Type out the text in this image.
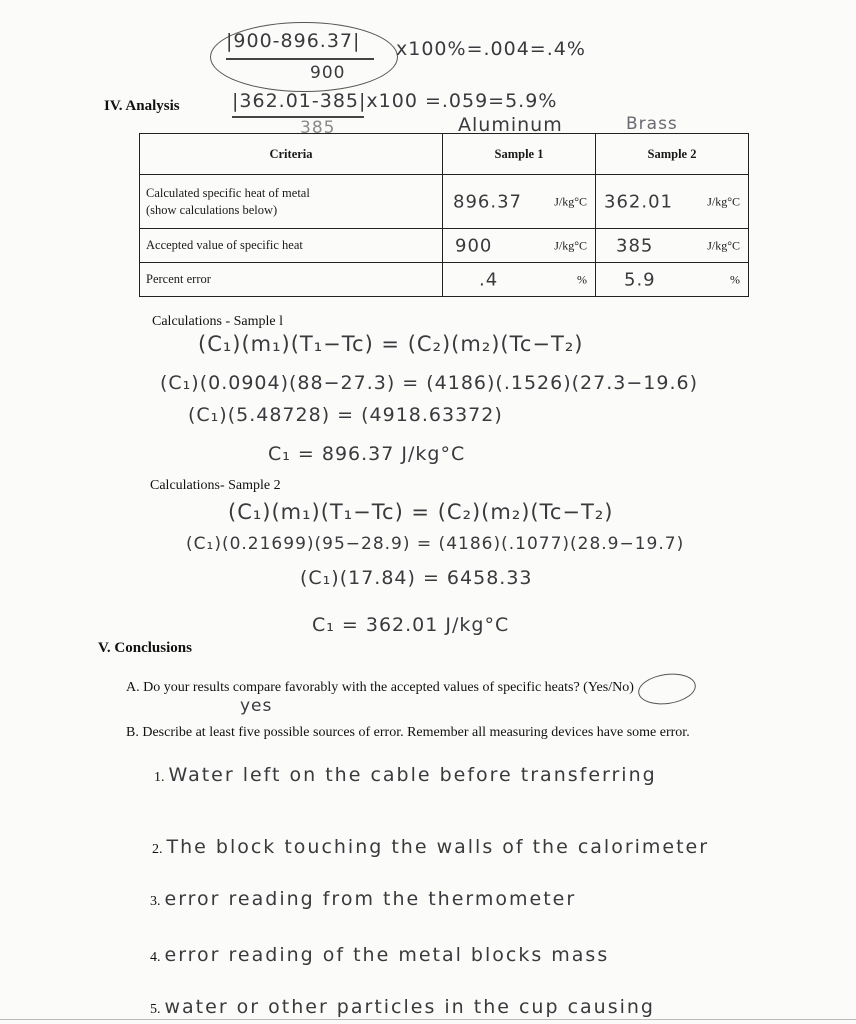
|900-896.37|
900
x100%=.004=.4%
IV. Analysis	|362.01-385|x100 =.059=5.9%
385	Aluminum	Brass
Criteria	Sample 1	Sample 2
Calculated specific heat of metal
(show calculations below)	896.37 J/kg°C	362.01 J/kg°C

Accepted value of specific heat	900 J/kg°C	385 J/kg°C

Percent error	.4 %	5.9 %
Calculations - Sample l
(C₁)(m₁)(T₁−Tc) = (C₂)(m₂)(Tc−T₂)
(C₁)(0.0904)(88−27.3) = (4186)(.1526)(27.3−19.6)
(C₁)(5.48728) = (4918.63372)
C₁ = 896.37 J/kg°C
Calculations- Sample 2
(C₁)(m₁)(T₁−Tc) = (C₂)(m₂)(Tc−T₂)
(C₁)(0.21699)(95−28.9) = (4186)(.1077)(28.9−19.7)
(C₁)(17.84) = 6458.33
C₁ = 362.01 J/kg°C
V. Conclusions
A. Do your results compare favorably with the accepted values of specific heats? (Yes/No)
yes
B. Describe at least five possible sources of error. Remember all measuring devices have some error.
1. Water left on the cable before transferring
2. The block touching the walls of the calorimeter
3. error reading from the thermometer
4. error reading of the metal blocks mass
5. water or other particles in the cup causing
